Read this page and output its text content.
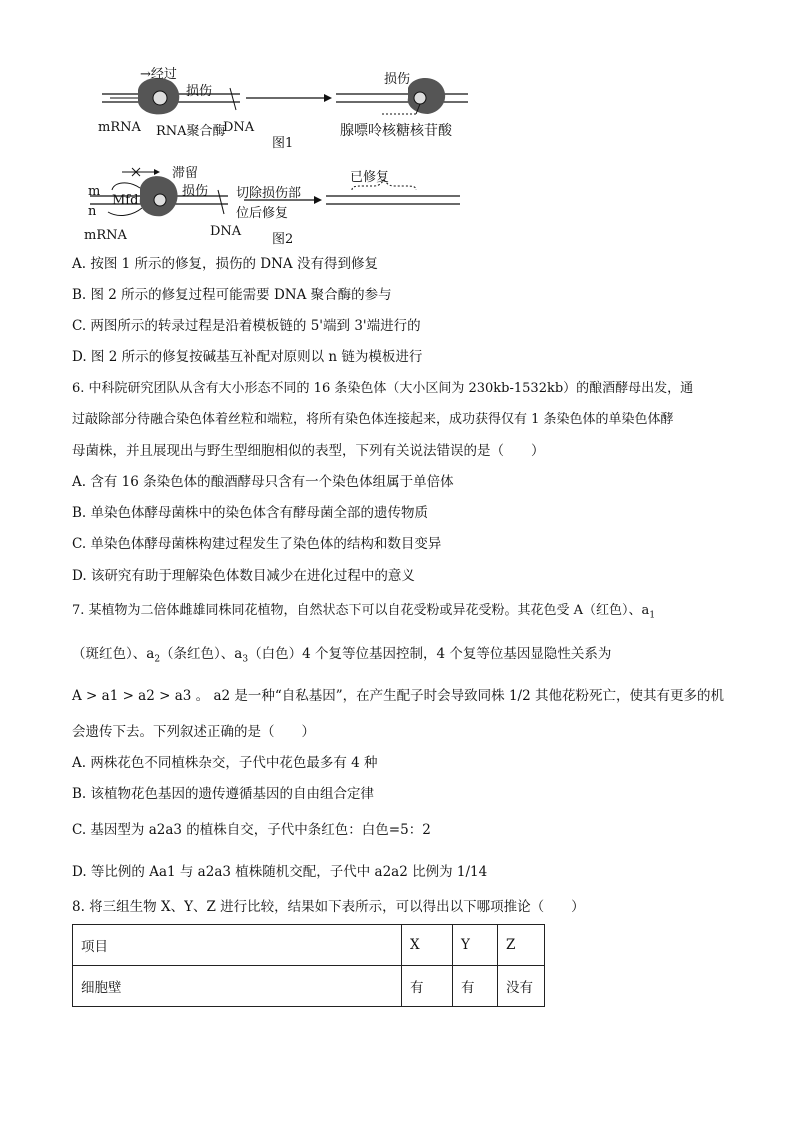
→经过
损伤
mRNA RNA聚合酶
DNA
图1
损伤
腺嘌呤核糖核苷酸
滞留
损伤
m
n
Mfd
mRNA	DNA
图2
切除损伤部
位后修复
已修复
A. 按图 1 所示的修复，损伤的 DNA 没有得到修复
B. 图 2 所示的修复过程可能需要 DNA 聚合酶的参与
C. 两图所示的转录过程是沿着模板链的 5'端到 3'端进行的
D. 图 2 所示的修复按碱基互补配对原则以 n 链为模板进行
6. 中科院研究团队从含有大小形态不同的 16 条染色体（大小区间为 230kb-1532kb）的酿酒酵母出发，通
过敲除部分待融合染色体着丝粒和端粒，将所有染色体连接起来，成功获得仅有 1 条染色体的单染色体酵
母菌株，并且展现出与野生型细胞相似的表型，下列有关说法错误的是（　　）
A. 含有 16 条染色体的酿酒酵母只含有一个染色体组属于单倍体
B. 单染色体酵母菌株中的染色体含有酵母菌全部的遗传物质
C. 单染色体酵母菌株构建过程发生了染色体的结构和数目变异
D. 该研究有助于理解染色体数目减少在进化过程中的意义
7. 某植物为二倍体雌雄同株同花植物，自然状态下可以自花受粉或异花受粉。其花色受 A（红色）、$a_1$
（斑红色）、$a_2$（条红色）、$a_3$（白色）4 个复等位基因控制，4 个复等位基因显隐性关系为
A > a1 > a2 > a3 。 a2 是一种“自私基因”，在产生配子时会导致同株 1/2 其他花粉死亡，使其有更多的机
会遗传下去。下列叙述正确的是（　　）
A. 两株花色不同植株杂交，子代中花色最多有 4 种
B. 该植物花色基因的遗传遵循基因的自由组合定律
C. 基因型为 a2a3 的植株自交，子代中条红色：白色=5：2
D. 等比例的 Aa1 与 a2a3 植株随机交配，子代中 a2a2 比例为 1/14
8. 将三组生物 X、Y、Z 进行比较，结果如下表所示，可以得出以下哪项推论（　　）
项目	X	Y	Z
细胞壁	有	有	没有
